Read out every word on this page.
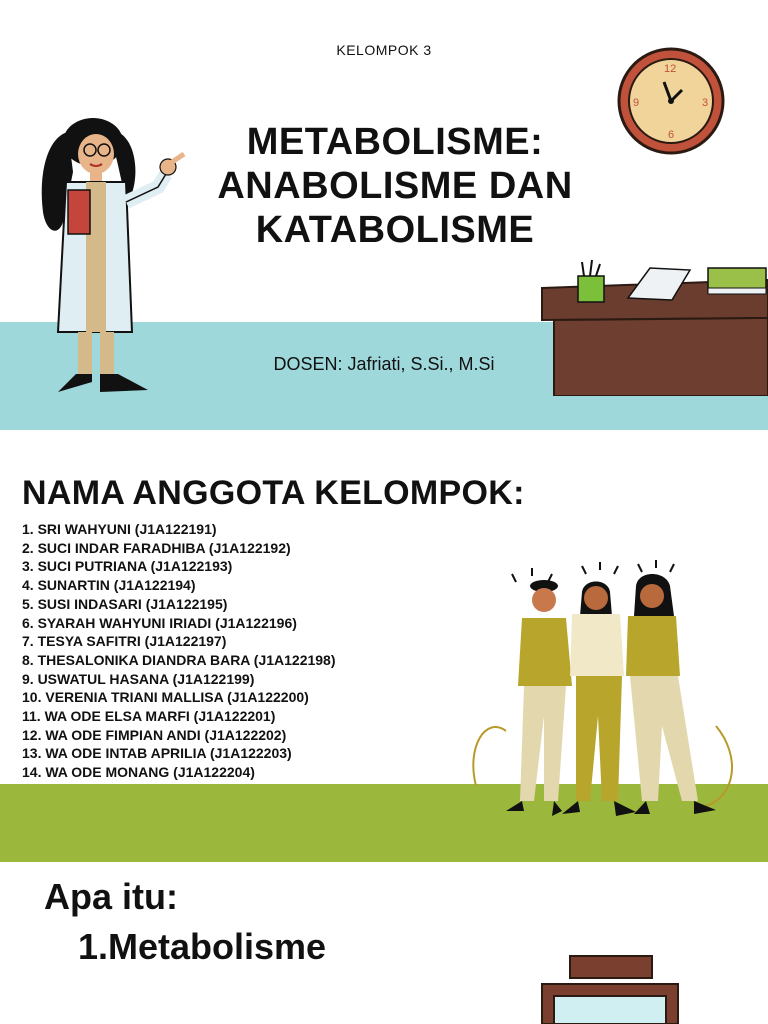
KELOMPOK 3
METABOLISME:
ANABOLISME DAN
KATABOLISME
DOSEN: Jafriati, S.Si., M.Si
12
3
6
9
NAMA ANGGOTA KELOMPOK:
1. SRI WAHYUNI (J1A122191)
2. SUCI INDAR FARADHIBA (J1A122192)
3. SUCI PUTRIANA (J1A122193)
4. SUNARTIN (J1A122194)
5. SUSI INDASARI (J1A122195)
6. SYARAH WAHYUNI IRIADI (J1A122196)
7. TESYA SAFITRI (J1A122197)
8. THESALONIKA DIANDRA BARA (J1A122198)
9. USWATUL HASANA (J1A122199)
10. VERENIA TRIANI MALLISA (J1A122200)
11. WA ODE ELSA MARFI (J1A122201)
12. WA ODE FIMPIAN ANDI (J1A122202)
13. WA ODE INTAB APRILIA (J1A122203)
14. WA ODE MONANG (J1A122204)
Apa itu:
1.Metabolisme
